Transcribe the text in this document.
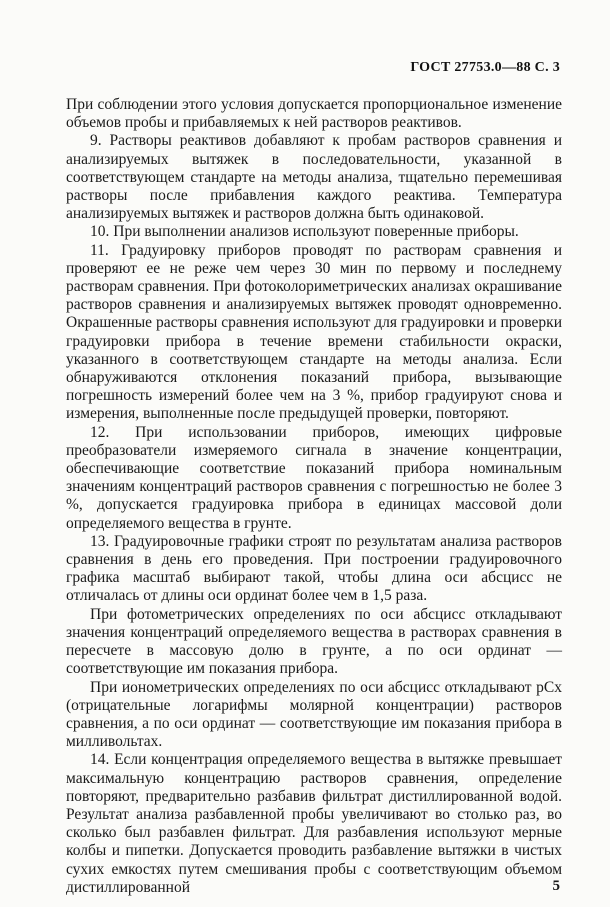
ГОСТ 27753.0—88 С. 3

При соблюдении этого условия допускается пропорциональное изменение объемов пробы и прибавляемых к ней растворов реактивов.

9. Растворы реактивов добавляют к пробам растворов сравнения и анализируемых вытяжек в последовательности, указанной в соответствующем стандарте на методы анализа, тщательно перемешивая растворы после прибавления каждого реактива. Температура анализируемых вытяжек и растворов должна быть одинаковой.

10. При выполнении анализов используют поверенные приборы.

11. Градуировку приборов проводят по растворам сравнения и проверяют ее не реже чем через 30 мин по первому и последнему растворам сравнения. При фотоколориметрических анализах окрашивание растворов сравнения и анализируемых вытяжек проводят одновременно. Окрашенные растворы сравнения используют для градуировки и проверки градуировки прибора в течение времени стабильности окраски, указанного в соответствующем стандарте на методы анализа. Если обнаруживаются отклонения показаний прибора, вызывающие погрешность измерений более чем на 3 %, прибор градуируют снова и измерения, выполненные после предыдущей проверки, повторяют.

12. При использовании приборов, имеющих цифровые преобразователи измеряемого сигнала в значение концентрации, обеспечивающие соответствие показаний прибора номинальным значениям концентраций растворов сравнения с погрешностью не более 3 %, допускается градуировка прибора в единицах массовой доли определяемого вещества в грунте.

13. Градуировочные графики строят по результатам анализа растворов сравнения в день его проведения. При построении градуировочного графика масштаб выбирают такой, чтобы длина оси абсцисс не отличалась от длины оси ординат более чем в 1,5 раза.

При фотометрических определениях по оси абсцисс откладывают значения концентраций определяемого вещества в растворах сравнения в пересчете в массовую долю в грунте, а по оси ординат — соответствующие им показания прибора.

При ионометрических определениях по оси абсцисс откладывают pCx (отрицательные логарифмы молярной концентрации) растворов сравнения, а по оси ординат — соответствующие им показания прибора в милливольтах.

14. Если концентрация определяемого вещества в вытяжке превышает максимальную концентрацию растворов сравнения, определение повторяют, предварительно разбавив фильтрат дистиллированной водой. Результат анализа разбавленной пробы увеличивают во столько раз, во сколько был разбавлен фильтрат. Для разбавления используют мерные колбы и пипетки. Допускается проводить разбавление вытяжки в чистых сухих емкостях путем смешивания пробы с соответствующим объемом дистиллированной	5
